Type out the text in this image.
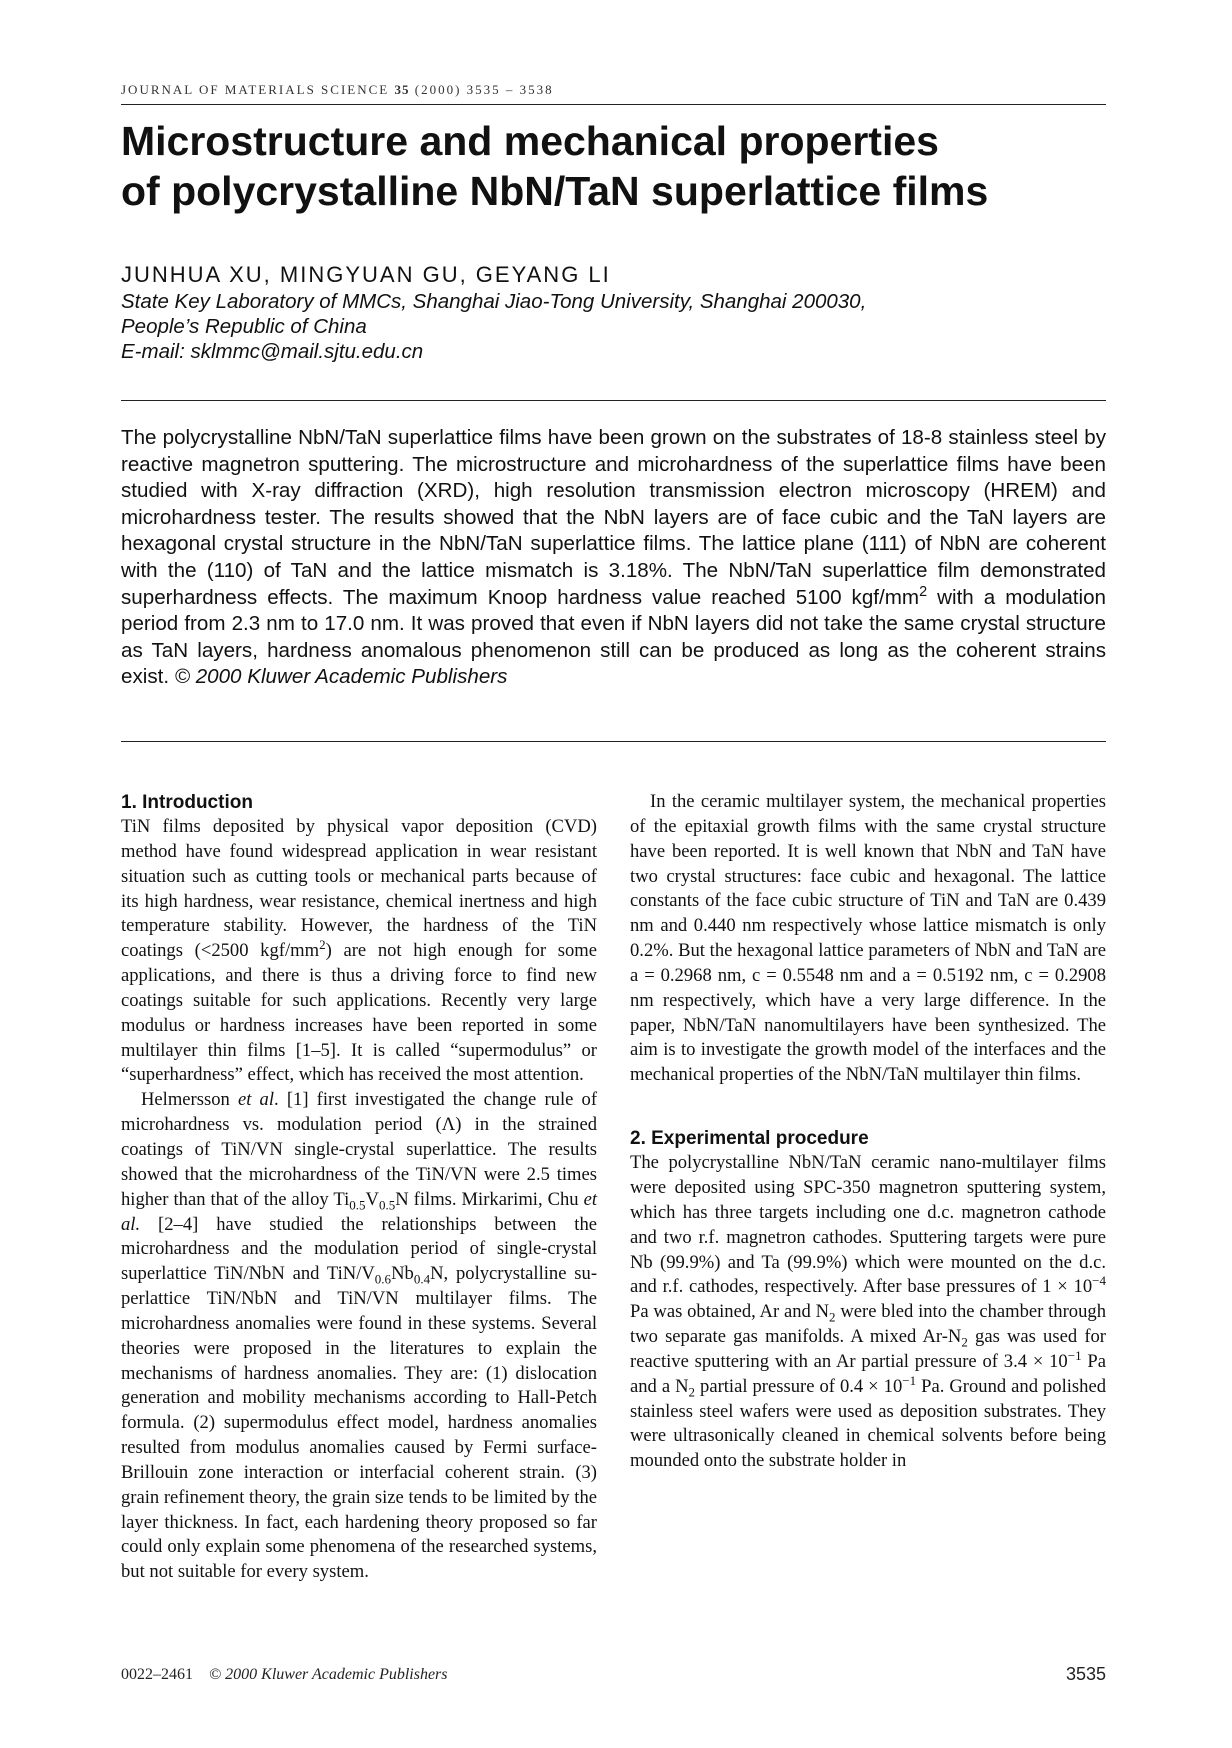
JOURNAL OF MATERIALS SCIENCE 35 (2000) 3535 – 3538
Microstructure and mechanical properties
of polycrystalline NbN/TaN superlattice films
JUNHUA XU, MINGYUAN GU, GEYANG LI
State Key Laboratory of MMCs, Shanghai Jiao-Tong University, Shanghai 200030,
People’s Republic of China
E-mail: sklmmc@mail.sjtu.edu.cn

The polycrystalline NbN/TaN superlattice films have been grown on the substrates of 18-8 stainless steel by reactive magnetron sputtering. The microstructure and microhardness of the superlattice films have been studied with X-ray diffraction (XRD), high resolution transmission electron microscopy (HREM) and microhardness tester. The results showed that the NbN layers are of face cubic and the TaN layers are hexagonal crystal structure in the NbN/TaN superlattice films. The lattice plane (111) of NbN are coherent with the (110) of TaN and the lattice mismatch is 3.18%. The NbN/TaN superlattice film demonstrated superhardness effects. The maximum Knoop hardness value reached 5100 kgf/$mm^2$ with a modulation period from 2.3 nm to 17.0 nm. It was proved that even if NbN layers did not take the same crystal structure as TaN layers, hardness anomalous phenomenon still can be produced as long as the coherent strains exist. © 2000 Kluwer Academic Publishers

1. Introduction

TiN films deposited by physical vapor deposition (CVD) method have found widespread application in wear resistant situation such as cutting tools or mechanical parts because of its high hardness, wear resistance, chemical inertness and high temperature stability. However, the hardness of the TiN coatings (<2500 kgf/$mm^2$) are not high enough for some applications, and there is thus a driving force to find new coatings suitable for such applications. Recently very large modulus or hardness increases have been reported in some multilayer thin films [1–5]. It is called “supermodulus” or “superhardness” effect, which has received the most attention.

Helmersson et al. [1] first investigated the change rule of microhardness vs. modulation period (Λ) in the strained coatings of TiN/VN single-crystal superlattice. The results showed that the microhardness of the TiN/VN were 2.5 times higher than that of the alloy $Ti_{0.5}V_{0.5}N$ films. Mirkarimi, Chu et al. [2–4] have studied the relationships between the microhardness and the modulation period of single-crystal superlattice TiN/NbN and TiN/$V_{0.6}Nb_{0.4}N$, polycrystalline superlattice TiN/NbN and TiN/VN multilayer films. The microhardness anomalies were found in these systems. Several theories were proposed in the literatures to explain the mechanisms of hardness anomalies. They are: (1) dislocation generation and mobility mechanisms according to Hall-Petch formula. (2) supermodulus effect model, hardness anomalies resulted from modulus anomalies caused by Fermi surface-Brillouin zone interaction or interfacial coherent strain. (3) grain refinement theory, the grain size tends to be limited by the layer thickness. In fact, each hardening theory proposed so far could only explain some phenomena of the researched systems, but not suitable for every system.

In the ceramic multilayer system, the mechanical properties of the epitaxial growth films with the same crystal structure have been reported. It is well known that NbN and TaN have two crystal structures: face cubic and hexagonal. The lattice constants of the face cubic structure of TiN and TaN are 0.439 nm and 0.440 nm respectively whose lattice mismatch is only 0.2%. But the hexagonal lattice parameters of NbN and TaN are a = 0.2968 nm, c = 0.5548 nm and a = 0.5192 nm, c = 0.2908 nm respectively, which have a very large difference. In the paper, NbN/TaN nanomultilayers have been synthesized. The aim is to investigate the growth model of the interfaces and the mechanical properties of the NbN/TaN multilayer thin films.

2. Experimental procedure

The polycrystalline NbN/TaN ceramic nano-multilayer films were deposited using SPC-350 magnetron sputtering system, which has three targets including one d.c. magnetron cathode and two r.f. magnetron cathodes. Sputtering targets were pure Nb (99.9%) and Ta (99.9%) which were mounted on the d.c. and r.f. cathodes, respectively. After base pressures of $1 \times 10^{-4}$ Pa was obtained, Ar and $N_2$ were bled into the chamber through two separate gas manifolds. A mixed $Ar-N_2$ gas was used for reactive sputtering with an Ar partial pressure of $3.4 \times 10^{-1}$ Pa and a $N_2$ partial pressure of $0.4 \times 10^{-1}$ Pa. Ground and polished stainless steel wafers were used as deposition substrates. They were ultrasonically cleaned in chemical solvents before being mounded onto the substrate holder in

0022–2461 © 2000 Kluwer Academic Publishers	3535
